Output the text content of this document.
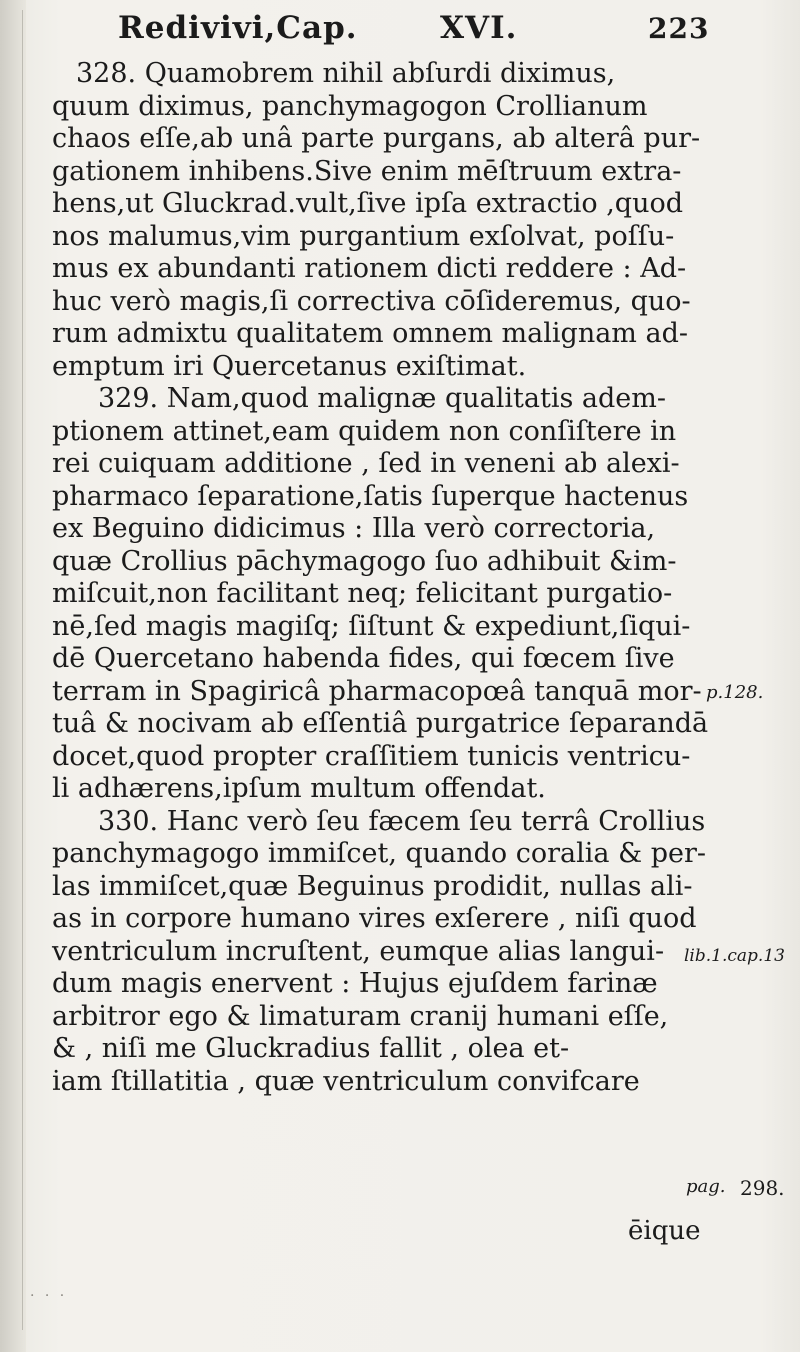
Redivivi,Cap.	XVI.	223
328. Quamobrem nihil abſurdi diximus,
quum diximus, panchymagogon Crollianum
chaos eſſe,ab unâ parte purgans, ab alterâ pur-
gationem inhibens.Sive enim mēſtruum extra-
hens,ut Gluckrad.vult,ſive ipſa extractio ,quod
nos malumus,vim purgantium exſolvat, poſſu-
mus ex abundanti rationem dicti reddere : Ad-
huc verò magis,ſi correctiva cōſideremus, quo-
rum admixtu qualitatem omnem malignam ad-
emptum iri Quercetanus exiſtimat.
329. Nam,quod malignæ qualitatis adem-
ptionem attinet,eam quidem non conſiſtere in
rei cuiquam additione , ſed in veneni ab alexi-
pharmaco ſeparatione,ſatis ſuperque hactenus
ex Beguino didicimus : Illa verò correctoria,
quæ Crollius pāchymagogo ſuo adhibuit &im-
miſcuit,non facilitant neq; felicitant purgatio-
nē,ſed magis magiſq; ſiſtunt & expediunt,ſiqui-
dē Quercetano habenda fides, qui fœcem ſive
terram in Spagiricâ pharmacopœâ tanquā mor-
tuâ & nocivam ab eſſentiâ purgatrice ſeparandā
docet,quod propter craſſitiem tunicis ventricu-
li adhærens,ipſum multum offendat.
330. Hanc verò ſeu fæcem ſeu terrâ Crollius
panchymagogo immiſcet, quando coralia & per-
las immiſcet,quæ Beguinus prodidit, nullas ali-
as in corpore humano vires exſerere , niſi quod
ventriculum incruſtent, eumque alias langui-
dum magis enervent : Hujus ejuſdem farinæ
arbitror ego & limaturam cranij humani eſſe,
& , niſi me Gluckradius fallit , olea et-
iam ſtillatitia , quæ ventriculum convifcare
p.128.
lib.1.cap.13
pag. 298.
ēique
· · ·
